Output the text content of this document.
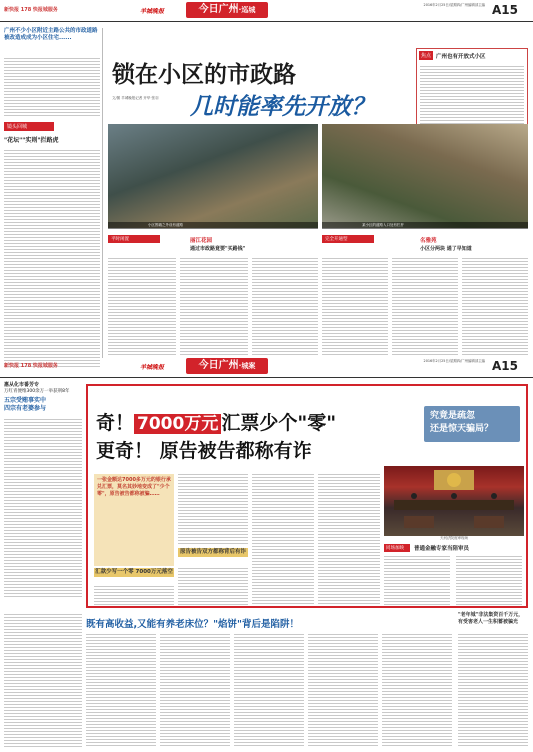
新快报 178 快报城服务	羊城晚报	今日广州·巡城
2016年2月25日/星期四/广州编辑部主编 A15
广州不少小区附近主路公共的市政道路被改造成成为小区住宅......
镜头回城
"花坛""实则"拦路虎
锁在小区的市政路
几时能率先开放？
文/图 羊城晚报记者 开华 张羽
焦点 广州也有开放式小区
小区围墙之外设有道路	某小区的道路入口处有栏杆
平时闲置	丽江花园
通过市政路竟要"买路钱"
完全开通型	名雅苑
小区分两块 通了早知道
新快报 178 快报城服务	羊城晚报	今日广州·城案
2016年2月25日/星期四/广州编辑部主编 A15
惠从化市番芳专
万红青便维300余万一举获刑8年
五宗受贿事实中
四宗有老婆参与
奇！ 7000万元 汇票少个"零"
更奇！ 原告被告都称有诈
究竟是疏忽
还是惊天骗局？
一张金额达7000多万元的银行承兑汇票，莫名其妙地变成了"少个零"，原告被告都称被骗……
汇款少写一个零 7000万元落空
原告被告双方都称背后有诈
天河法院庭审现场
同场加映	普通金融专家当陪审员
既有高收益,又能有养老床位？"焰饼"背后是陷阱！
"老年城"非法集资百千万元，有受害老人一生积蓄被骗光
